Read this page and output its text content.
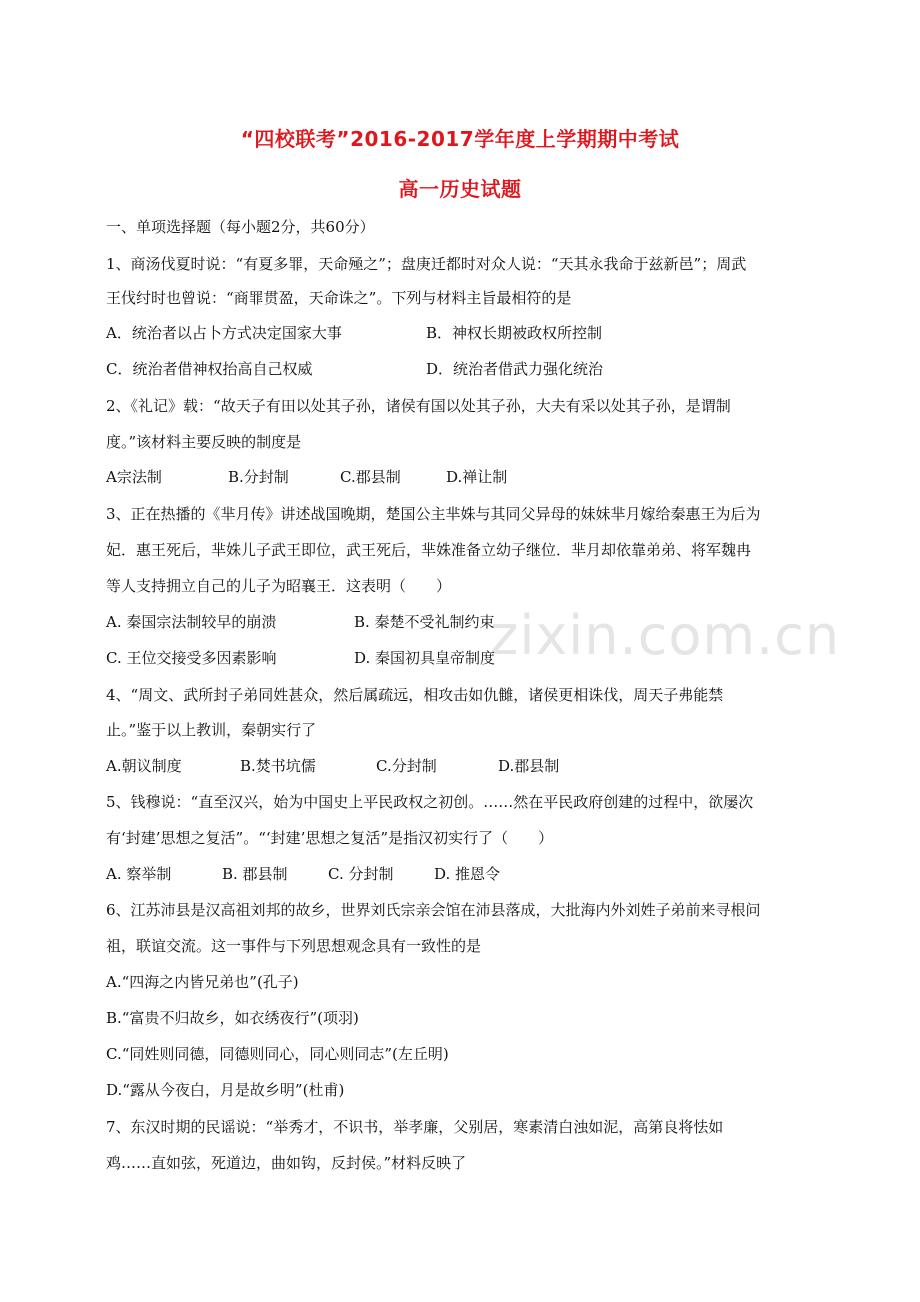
“四校联考”2016-2017学年度上学期期中考试
高一历史试题
一、单项选择题（每小题2分，共60分）
1、商汤伐夏时说：“有夏多罪，天命殛之”；盘庚迁都时对众人说：“天其永我命于兹新邑”；周武
王伐纣时也曾说：“商罪贯盈，天命诛之”。下列与材料主旨最相符的是
A．统治者以占卜方式决定国家大事	B．神权长期被政权所控制
C．统治者借神权抬高自己权威	D．统治者借武力强化统治
2、《礼记》载：“故天子有田以处其子孙，诸侯有国以处其子孙，大夫有采以处其子孙，是谓制
度。”该材料主要反映的制度是
A宗法制	B.分封制	C.郡县制	D.禅让制
3、正在热播的《芈月传》讲述战国晚期，楚国公主芈姝与其同父异母的妹妹芈月嫁给秦惠王为后为
妃．惠王死后，芈姝儿子武王即位，武王死后，芈姝准备立幼子继位．芈月却依靠弟弟、将军魏冉
等人支持拥立自己的儿子为昭襄王．这表明（　　）
A. 秦国宗法制较早的崩溃	B. 秦楚不受礼制约束
C. 王位交接受多因素影响	D. 秦国初具皇帝制度
4、“周文、武所封子弟同姓甚众，然后属疏远，相攻击如仇雠，诸侯更相诛伐，周天子弗能禁
止。”鉴于以上教训，秦朝实行了
A.朝议制度	B.焚书坑儒	C.分封制	D.郡县制
5、钱穆说：“直至汉兴，始为中国史上平民政权之初创。……然在平民政府创建的过程中，欲屡次
有‘封建’思想之复活”。“‘封建’思想之复活”是指汉初实行了（　　）
A. 察举制	B. 郡县制	C. 分封制	D. 推恩令
6、江苏沛县是汉高祖刘邦的故乡，世界刘氏宗亲会馆在沛县落成，大批海内外刘姓子弟前来寻根问
祖，联谊交流。这一事件与下列思想观念具有一致性的是
A.“四海之内皆兄弟也”(孔子)
B.“富贵不归故乡，如衣绣夜行”(项羽)
C.“同姓则同德，同德则同心，同心则同志”(左丘明)
D.“露从今夜白，月是故乡明”(杜甫)
7、东汉时期的民谣说：“举秀才，不识书，举孝廉，父别居，寒素清白浊如泥，高第良将怯如
鸡……直如弦，死道边，曲如钩，反封侯。”材料反映了
zixin.com.cn
